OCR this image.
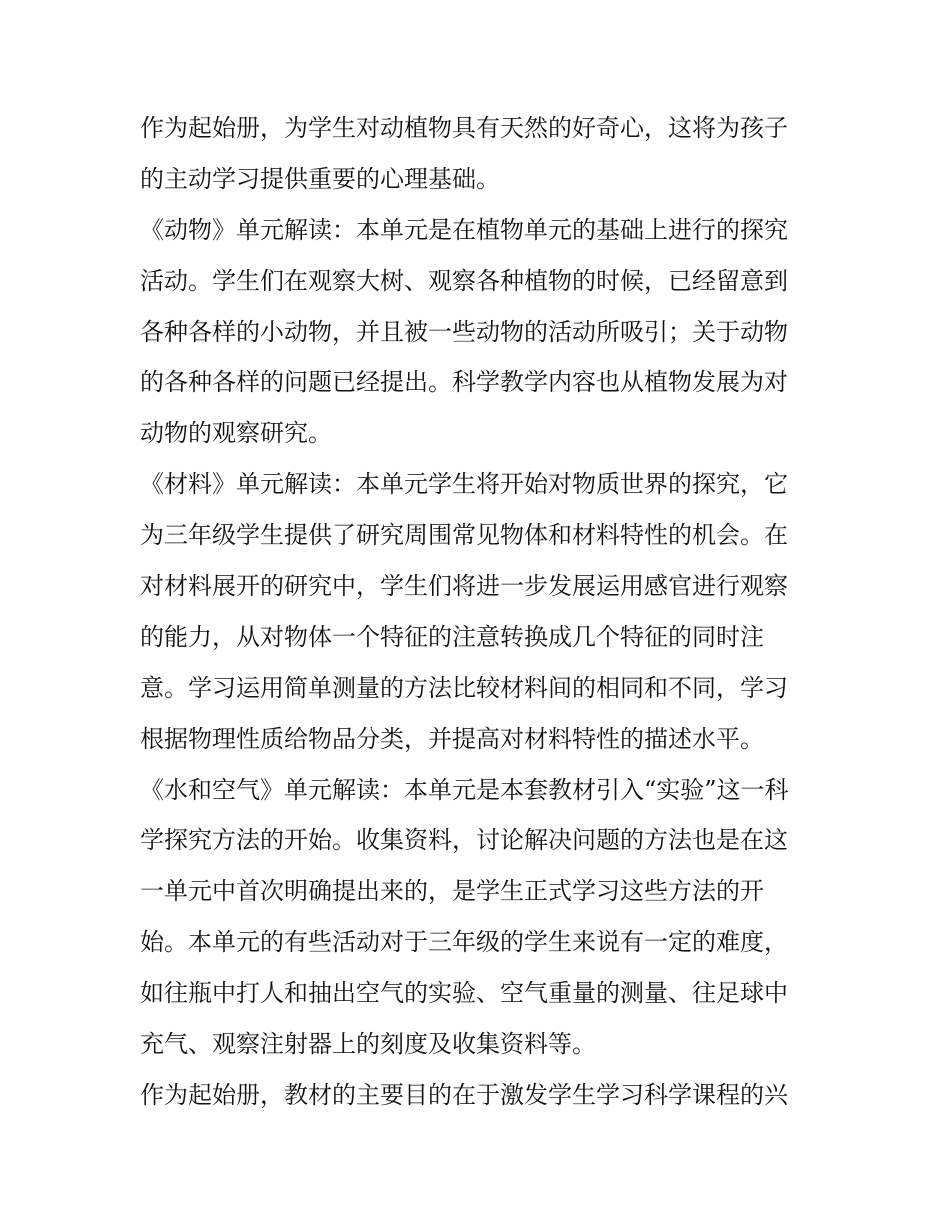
作为起始册，为学生对动植物具有天然的好奇心，这将为孩子
的主动学习提供重要的心理基础。
《动物》单元解读：本单元是在植物单元的基础上进行的探究
活动。学生们在观察大树、观察各种植物的时候，已经留意到
各种各样的小动物，并且被一些动物的活动所吸引；关于动物
的各种各样的问题已经提出。科学教学内容也从植物发展为对
动物的观察研究。
《材料》单元解读：本单元学生将开始对物质世界的探究，它
为三年级学生提供了研究周围常见物体和材料特性的机会。在
对材料展开的研究中，学生们将进一步发展运用感官进行观察
的能力，从对物体一个特征的注意转换成几个特征的同时注
意。学习运用简单测量的方法比较材料间的相同和不同，学习
根据物理性质给物品分类，并提高对材料特性的描述水平。
《水和空气》单元解读：本单元是本套教材引入“实验”这一科
学探究方法的开始。收集资料，讨论解决问题的方法也是在这
一单元中首次明确提出来的，是学生正式学习这些方法的开
始。本单元的有些活动对于三年级的学生来说有一定的难度，
如往瓶中打人和抽出空气的实验、空气重量的测量、往足球中
充气、观察注射器上的刻度及收集资料等。
作为起始册，教材的主要目的在于激发学生学习科学课程的兴
